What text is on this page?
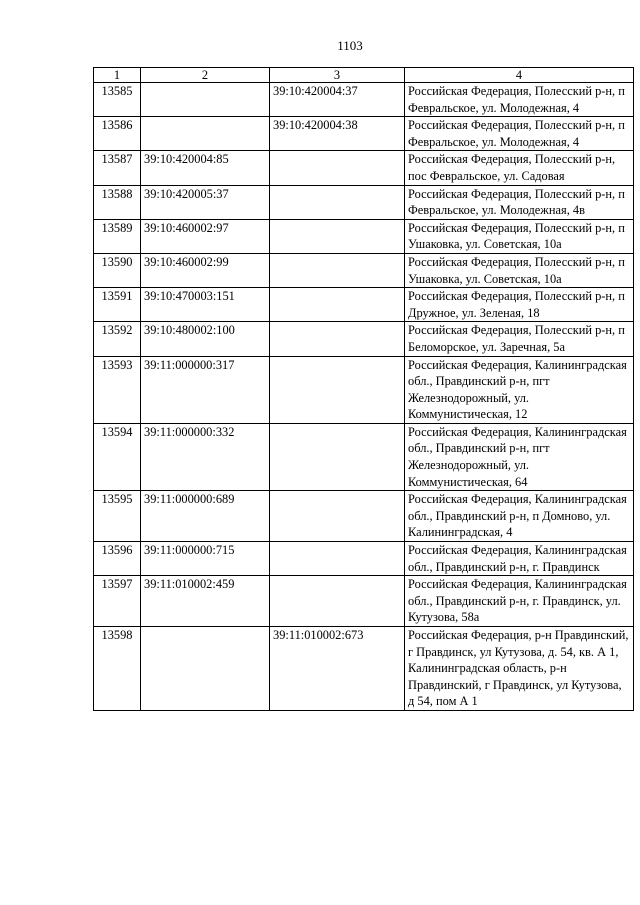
1103
1	2	3	4
13585		39:10:420004:37	Российская Федерация, Полесский р-н, п Февральское, ул. Молодежная, 4
13586		39:10:420004:38	Российская Федерация, Полесский р-н, п Февральское, ул. Молодежная, 4
13587	39:10:420004:85		Российская Федерация, Полесский р-н, пос Февральское, ул. Садовая
13588	39:10:420005:37		Российская Федерация, Полесский р-н, п Февральское, ул. Молодежная, 4в
13589	39:10:460002:97		Российская Федерация, Полесский р-н, п Ушаковка, ул. Советская, 10а
13590	39:10:460002:99		Российская Федерация, Полесский р-н, п Ушаковка, ул. Советская, 10а
13591	39:10:470003:151		Российская Федерация, Полесский р-н, п Дружное, ул. Зеленая, 18
13592	39:10:480002:100		Российская Федерация, Полесский р-н, п Беломорское, ул. Заречная, 5а
13593	39:11:000000:317		Российская Федерация, Калининградская обл., Правдинский р-н, пгт Железнодорожный, ул. Коммунистическая, 12
13594	39:11:000000:332		Российская Федерация, Калининградская обл., Правдинский р-н, пгт Железнодорожный, ул. Коммунистическая, 64
13595	39:11:000000:689		Российская Федерация, Калининградская обл., Правдинский р-н, п Домново, ул. Калининградская, 4
13596	39:11:000000:715		Российская Федерация, Калининградская обл., Правдинский р-н, г. Правдинск
13597	39:11:010002:459		Российская Федерация, Калининградская обл., Правдинский р-н, г. Правдинск, ул. Кутузова, 58а
13598		39:11:010002:673	Российская Федерация, р-н Правдинский, г Правдинск, ул Кутузова, д. 54, кв. А 1, Калининградская область, р-н Правдинский, г Правдинск, ул Кутузова, д 54, пом А 1
